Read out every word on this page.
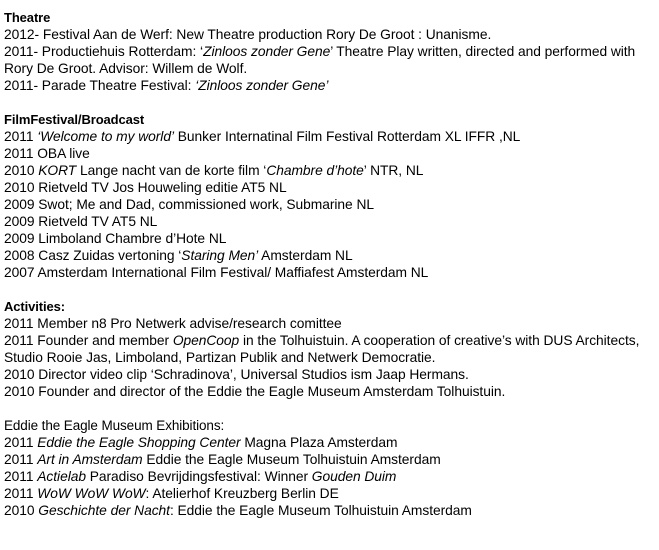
Theatre
2012- Festival Aan de Werf: New Theatre production Rory De Groot : Unanisme.
2011- Productiehuis Rotterdam: ‘Zinloos zonder Gene’ Theatre Play written, directed and performed with Rory De Groot. Advisor: Willem de Wolf.
2011- Parade Theatre Festival: ‘Zinloos zonder Gene’
FilmFestival/Broadcast
2011 ‘Welcome to my world’ Bunker Internatinal Film Festival Rotterdam XL IFFR ,NL
2011 OBA live
2010 KORT Lange nacht van de korte film ‘Chambre d’hote’ NTR, NL
2010 Rietveld TV Jos Houweling editie AT5 NL
2009 Swot; Me and Dad, commissioned work, Submarine NL
2009 Rietveld TV AT5 NL
2009 Limboland Chambre d’Hote NL
2008 Casz Zuidas vertoning ‘Staring Men’ Amsterdam NL
2007 Amsterdam International Film Festival/ Maffiafest Amsterdam NL
Activities:
2011 Member n8 Pro Netwerk advise/research comittee
2011 Founder and member OpenCoop in the Tolhuistuin. A cooperation of creative’s with DUS Architects, Studio Rooie Jas, Limboland, Partizan Publik and Netwerk Democratie.
2010 Director video clip ‘Schradinova’, Universal Studios ism Jaap Hermans.
2010 Founder and director of the Eddie the Eagle Museum Amsterdam Tolhuistuin.
Eddie the Eagle Museum Exhibitions:
2011 Eddie the Eagle Shopping Center Magna Plaza Amsterdam
2011 Art in Amsterdam Eddie the Eagle Museum Tolhuistuin Amsterdam
2011 Actielab Paradiso Bevrijdingsfestival: Winner Gouden Duim
2011 WoW WoW WoW: Atelierhof Kreuzberg Berlin DE
2010 Geschichte der Nacht: Eddie the Eagle Museum Tolhuistuin Amsterdam
